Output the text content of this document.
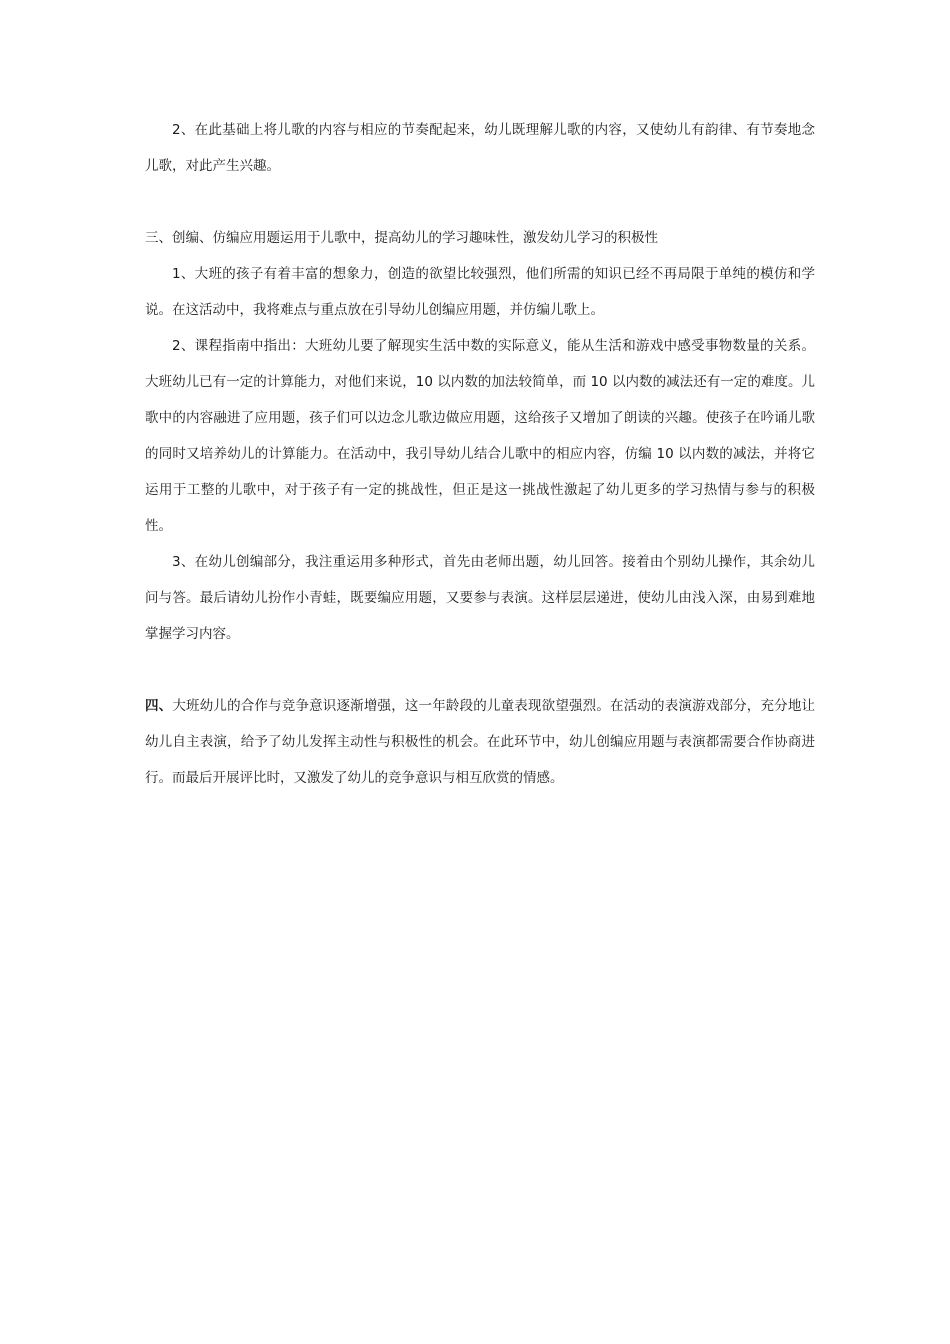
2、在此基础上将儿歌的内容与相应的节奏配起来，幼儿既理解儿歌的内容，又使幼儿有韵律、有节奏地念儿歌，对此产生兴趣。

三、创编、仿编应用题运用于儿歌中，提高幼儿的学习趣味性，激发幼儿学习的积极性

1、大班的孩子有着丰富的想象力，创造的欲望比较强烈，他们所需的知识已经不再局限于单纯的模仿和学说。在这活动中，我将难点与重点放在引导幼儿创编应用题，并仿编儿歌上。

2、课程指南中指出：大班幼儿要了解现实生活中数的实际意义，能从生活和游戏中感受事物数量的关系。大班幼儿已有一定的计算能力，对他们来说，10 以内数的加法较简单，而 10 以内数的减法还有一定的难度。儿歌中的内容融进了应用题，孩子们可以边念儿歌边做应用题，这给孩子又增加了朗读的兴趣。使孩子在吟诵儿歌的同时又培养幼儿的计算能力。在活动中，我引导幼儿结合儿歌中的相应内容，仿编 10 以内数的减法，并将它运用于工整的儿歌中，对于孩子有一定的挑战性，但正是这一挑战性激起了幼儿更多的学习热情与参与的积极性。

3、在幼儿创编部分，我注重运用多种形式，首先由老师出题，幼儿回答。接着由个别幼儿操作，其余幼儿问与答。最后请幼儿扮作小青蛙，既要编应用题，又要参与表演。这样层层递进，使幼儿由浅入深，由易到难地掌握学习内容。

四、大班幼儿的合作与竞争意识逐渐增强，这一年龄段的儿童表现欲望强烈。在活动的表演游戏部分，充分地让幼儿自主表演，给予了幼儿发挥主动性与积极性的机会。在此环节中，幼儿创编应用题与表演都需要合作协商进行。而最后开展评比时，又激发了幼儿的竞争意识与相互欣赏的情感。
